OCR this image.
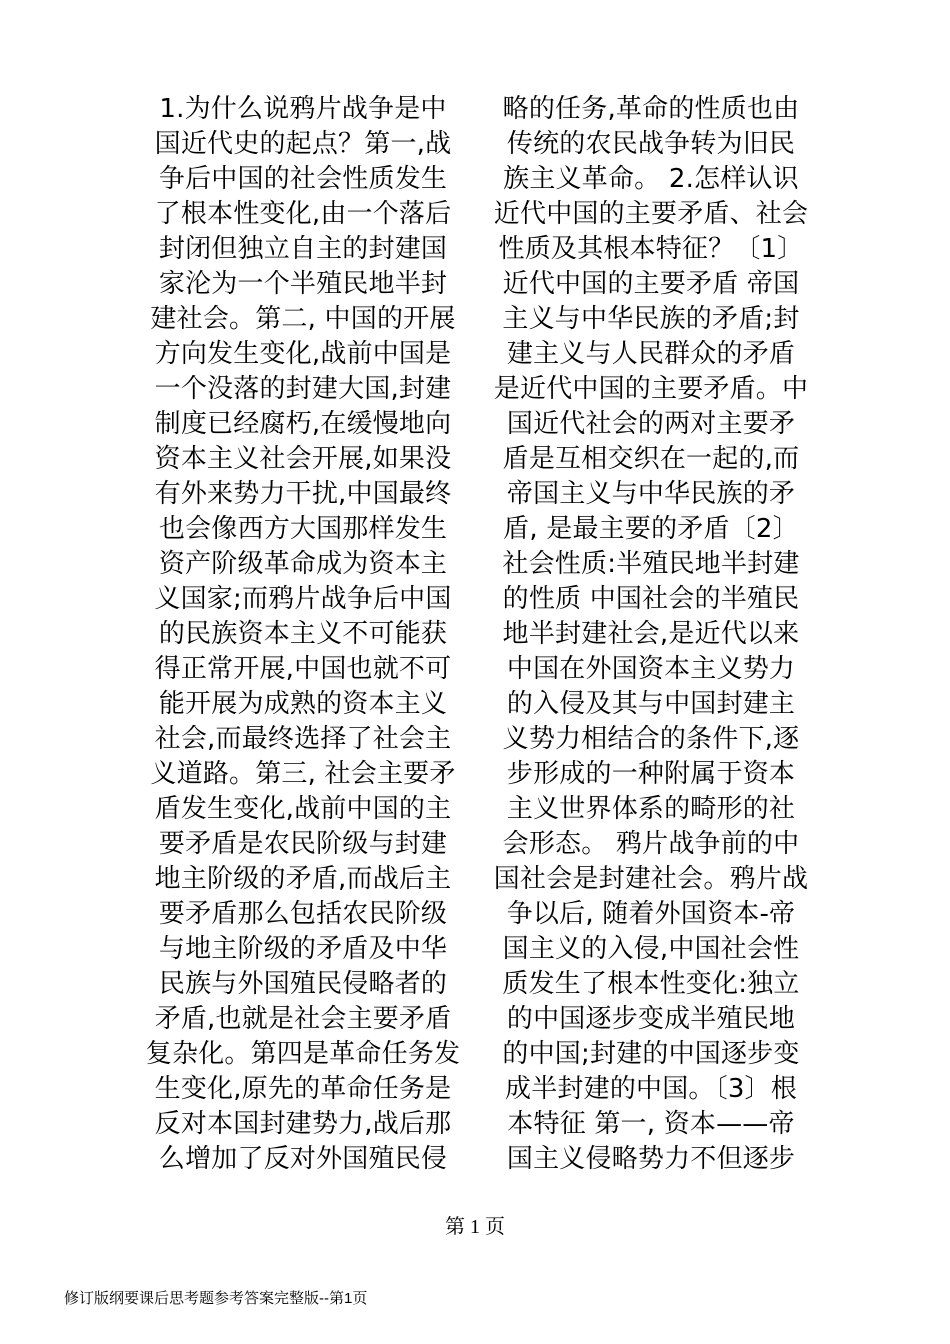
1.为什么说鸦片战争是中
国近代史的起点？第一,战
争后中国的社会性质发生
了根本性变化,由一个落后
封闭但独立自主的封建国
家沦为一个半殖民地半封
建社会。第二, 中国的开展
方向发生变化,战前中国是
一个没落的封建大国,封建
制度已经腐朽,在缓慢地向
资本主义社会开展,如果没
有外来势力干扰,中国最终
也会像西方大国那样发生
资产阶级革命成为资本主
义国家;而鸦片战争后中国
的民族资本主义不可能获
得正常开展,中国也就不可
能开展为成熟的资本主义
社会,而最终选择了社会主
义道路。第三, 社会主要矛
盾发生变化,战前中国的主
要矛盾是农民阶级与封建
地主阶级的矛盾,而战后主
要矛盾那么包括农民阶级
与地主阶级的矛盾及中华
民族与外国殖民侵略者的
矛盾,也就是社会主要矛盾
复杂化。第四是革命任务发
生变化,原先的革命任务是
反对本国封建势力,战后那
么增加了反对外国殖民侵
略的任务,革命的性质也由
传统的农民战争转为旧民
族主义革命。 2.怎样认识
近代中国的主要矛盾、社会
性质及其根本特征？〔1〕
近代中国的主要矛盾 帝国
主义与中华民族的矛盾;封
建主义与人民群众的矛盾
是近代中国的主要矛盾。中
国近代社会的两对主要矛
盾是互相交织在一起的,而
帝国主义与中华民族的矛
盾, 是最主要的矛盾〔2〕
社会性质:半殖民地半封建
的性质 中国社会的半殖民
地半封建社会,是近代以来
中国在外国资本主义势力
的入侵及其与中国封建主
义势力相结合的条件下,逐
步形成的一种附属于资本
主义世界体系的畸形的社
会形态。 鸦片战争前的中
国社会是封建社会。鸦片战
争以后, 随着外国资本-帝
国主义的入侵,中国社会性
质发生了根本性变化:独立
的中国逐步变成半殖民地
的中国;封建的中国逐步变
成半封建的中国。〔3〕根
本特征 第一, 资本——帝
国主义侵略势力不但逐步
第 1 页
修订版纲要课后思考题参考答案完整版--第1页
